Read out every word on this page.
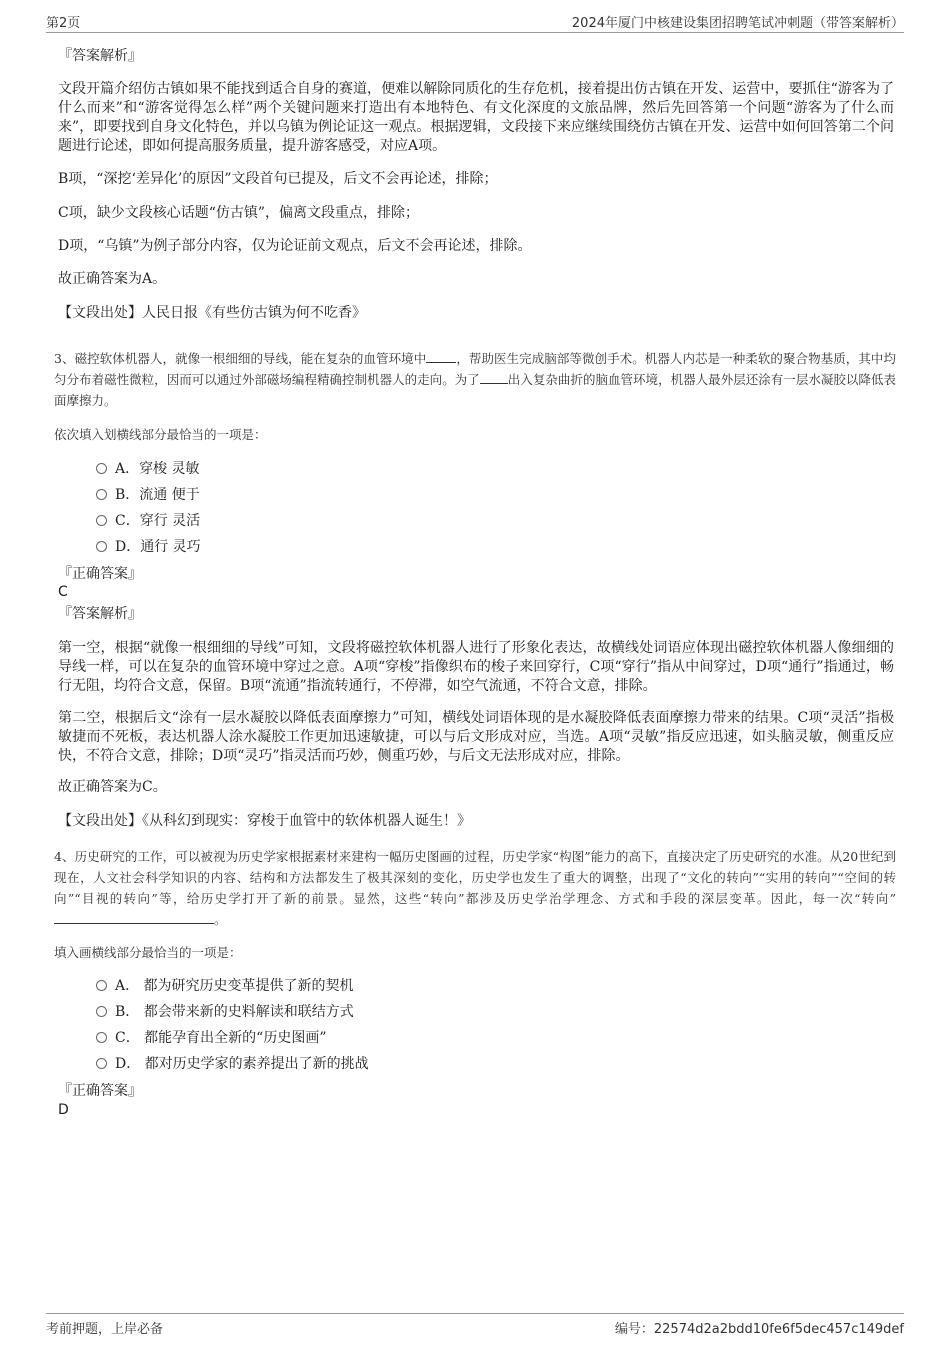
第2页	2024年厦门中核建设集团招聘笔试冲刺题（带答案解析）

『答案解析』

文段开篇介绍仿古镇如果不能找到适合自身的赛道，便难以解除同质化的生存危机，接着提出仿古镇在开发、运营中，要抓住“游客为了什么而来”和“游客觉得怎么样”两个关键问题来打造出有本地特色、有文化深度的文旅品牌，然后先回答第一个问题“游客为了什么而来”，即要找到自身文化特色，并以乌镇为例论证这一观点。根据逻辑，文段接下来应继续围绕仿古镇在开发、运营中如何回答第二个问题进行论述，即如何提高服务质量，提升游客感受，对应A项。

B项，“深挖‘差异化’的原因”文段首句已提及，后文不会再论述，排除；

C项，缺少文段核心话题“仿古镇”，偏离文段重点，排除；

D项，“乌镇”为例子部分内容，仅为论证前文观点，后文不会再论述，排除。

故正确答案为A。

【文段出处】人民日报《有些仿古镇为何不吃香》

3、磁控软体机器人，就像一根细细的导线，能在复杂的血管环境中 ，帮助医生完成脑部等微创手术。机器人内芯是一种柔软的聚合物基质，其中均匀分布着磁性微粒，因而可以通过外部磁场编程精确控制机器人的走向。为了 出入复杂曲折的脑血管环境，机器人最外层还涂有一层水凝胶以降低表面摩擦力。

依次填入划横线部分最恰当的一项是：

A．穿梭 灵敏
B．流通 便于
C．穿行 灵活
D．通行 灵巧

『正确答案』

C

『答案解析』

第一空，根据“就像一根细细的导线”可知，文段将磁控软体机器人进行了形象化表达，故横线处词语应体现出磁控软体机器人像细细的导线一样，可以在复杂的血管环境中穿过之意。A项“穿梭”指像织布的梭子来回穿行，C项“穿行”指从中间穿过，D项“通行”指通过，畅行无阻，均符合文意，保留。B项“流通”指流转通行，不停滞，如空气流通，不符合文意，排除。

第二空，根据后文“涂有一层水凝胶以降低表面摩擦力”可知，横线处词语体现的是水凝胶降低表面摩擦力带来的结果。C项“灵活”指极敏捷而不死板，表达机器人涂水凝胶工作更加迅速敏捷，可以与后文形成对应，当选。A项“灵敏”指反应迅速，如头脑灵敏，侧重反应快，不符合文意，排除；D项“灵巧”指灵活而巧妙，侧重巧妙，与后文无法形成对应，排除。

故正确答案为C。

【文段出处】《从科幻到现实：穿梭于血管中的软体机器人诞生！》

4、历史研究的工作，可以被视为历史学家根据素材来建构一幅历史图画的过程，历史学家“构图”能力的高下，直接决定了历史研究的水准。从20世纪到现在，人文社会科学知识的内容、结构和方法都发生了极其深刻的变化，历史学也发生了重大的调整，出现了“文化的转向”“实用的转向”“空间的转向”“目视的转向”等，给历史学打开了新的前景。显然，这些“转向”都涉及历史学治学理念、方式和手段的深层变革。因此，每一次“转向”。

填入画横线部分最恰当的一项是：

A． 都为研究历史变革提供了新的契机
B． 都会带来新的史料解读和联结方式
C． 都能孕育出全新的“历史图画”
D． 都对历史学家的素养提出了新的挑战

『正确答案』

D

考前押题，上岸必备	编号：22574d2a2bdd10fe6f5dec457c149def
